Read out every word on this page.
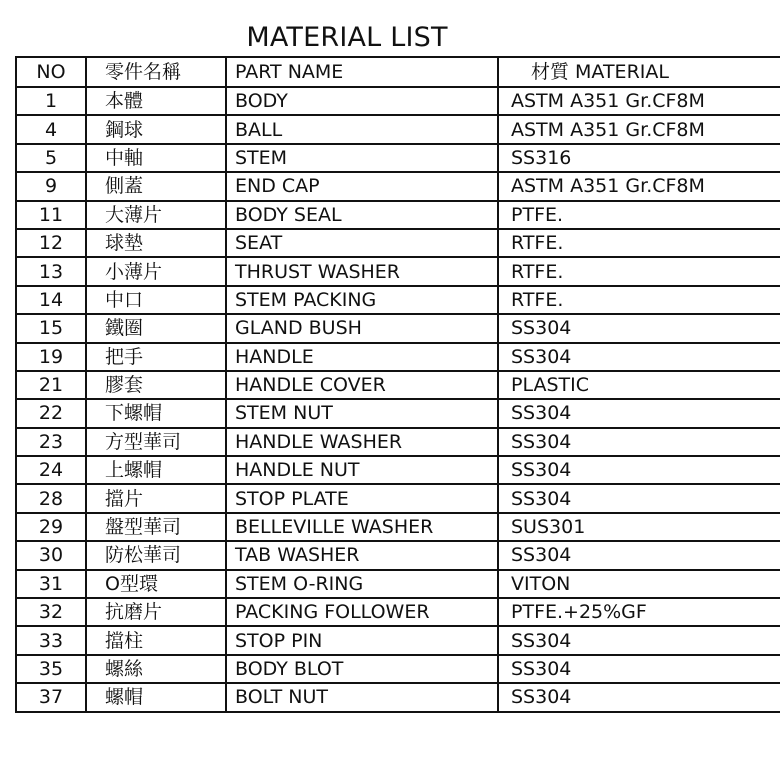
MATERIAL LIST
NO	零件名稱	PART NAME	材質 MATERIAL
1	本體	BODY	ASTM A351 Gr.CF8M
4	鋼球	BALL	ASTM A351 Gr.CF8M
5	中軸	STEM	SS316
9	側蓋	END CAP	ASTM A351 Gr.CF8M
11	大薄片	BODY SEAL	PTFE.
12	球墊	SEAT	RTFE.
13	小薄片	THRUST WASHER	RTFE.
14	中口	STEM PACKING	RTFE.
15	鐵圈	GLAND BUSH	SS304
19	把手	HANDLE	SS304
21	膠套	HANDLE COVER	PLASTIC
22	下螺帽	STEM NUT	SS304
23	方型華司	HANDLE WASHER	SS304
24	上螺帽	HANDLE NUT	SS304
28	擋片	STOP PLATE	SS304
29	盤型華司	BELLEVILLE WASHER	SUS301
30	防松華司	TAB WASHER	SS304
31	O型環	STEM O-RING	VITON
32	抗磨片	PACKING FOLLOWER	PTFE.+25%GF
33	擋柱	STOP PIN	SS304
35	螺絲	BODY BLOT	SS304
37	螺帽	BOLT NUT	SS304
